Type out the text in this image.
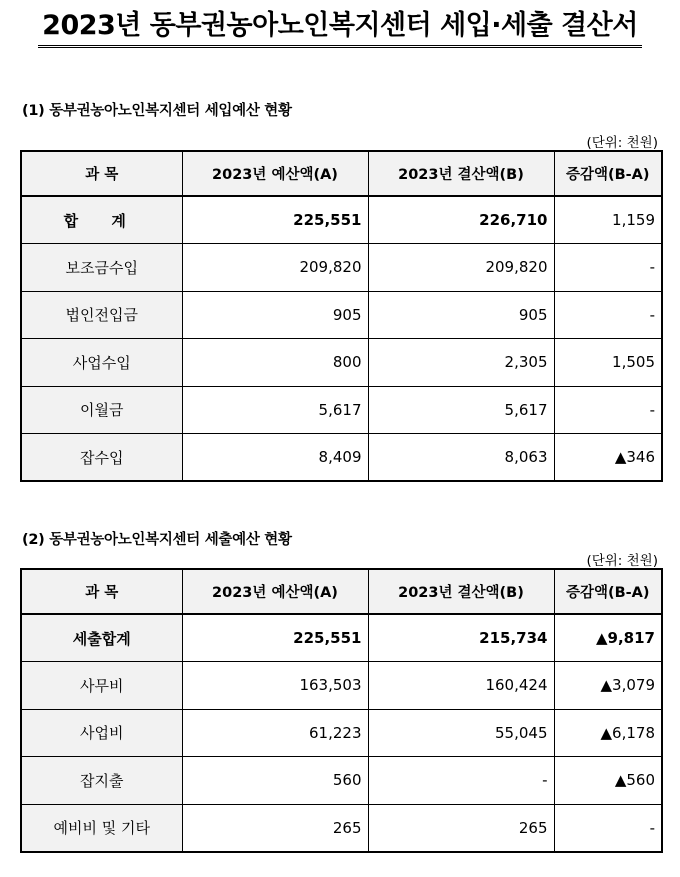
2023년 동부권농아노인복지센터 세입·세출 결산서
(1) 동부권농아노인복지센터 세입예산 현황
(단위: 천원)
과 목	2023년 예산액(A)	2023년 결산액(B)	증감액(B-A)
합 계	225,551	226,710	1,159
보조금수입	209,820	209,820	-
법인전입금	905	905	-
사업수입	800	2,305	1,505
이월금	5,617	5,617	-
잡수입	8,409	8,063	▲346
(2) 동부권농아노인복지센터 세출예산 현황
(단위: 천원)
과 목	2023년 예산액(A)	2023년 결산액(B)	증감액(B-A)
세출합계	225,551	215,734	▲9,817
사무비	163,503	160,424	▲3,079
사업비	61,223	55,045	▲6,178
잡지출	560	-	▲560
예비비 및 기타	265	265	-
